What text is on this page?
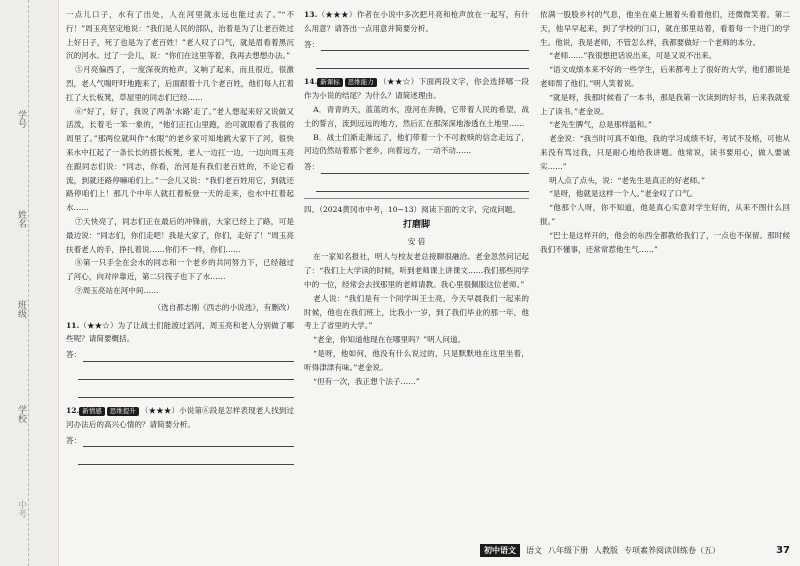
学号
姓名
班级
学校
中考

一点儿口子，水有了出处，人在河里就永远也能过去了。”“不行！”周玉亮坚定地说：“我们是人民的部队，治着是为了让老百姓过上好日子，死了也是为了老百姓！”老人叹了口气，就是眉看着黑沉沉的河水。过了一会儿，说：“你们在这里等着，我再去想想办法。”

⑤月亮偏西了，一度深夜的枪声，又响了起来，而且很近，很激烈，老人气喘吁吁地跑来了，后面跟着十几个老百姓，他们每人扛着扛了大长板凳，草屋里的同志们已经……

⑥“好了，好了，我说了两条‘水路’走了。”老人想起来好又说做又活泼，长着毛一笨一象的，“他们正扛山里跑，治可就眼看了我很的周里了。”那两位就叫作“水眼”的老乡家可知地跳大家下了河，很快来水中扛起了一条长长的搭长板凳，老人一边扛一边，一边向周玉亮在跟同志们说：“同志，你看，治河是有我们老百姓的，不论它看流，到就还路停嘛咱们上。”一会儿又说：“我们老百姓用它，到就还路停咱们上！那几个中年人就扛着板登一天的走来，也水中扛着起水……

⑦天快亮了，同志们正在最后的冲锋前，大家已经上了路，可是最边说：“同志们，你们走吧！我是大家了，你们，走好了！”周玉亮扶着老人的手，挣扎着说……你们不一样，你们……

⑧第一只手全在会水的同志和一个老乡的共同努力下，已经越过了河心，向对岸靠近，第二只筏子也下了水……

⑨周玉亮站在河中间……

（选自都志刚《西志的小说选》，有删改）

11.（★★☆）为了让战士们能渡过滔河，周玉亮和老人分别做了哪些呢？请简要概括。

答：

12. 新情感 思维提升 （★★★）小说第⑥段是怎样表现老人找到过河办法后的高兴心情的？请简要分析。

答：

13.（★★★）作者在小说中多次把月亮和枪声放在一起写，有什么用意？请答出一点用意并简要分析。

答：

14. 新课标 思维能力 （★★☆）下面两段文字，你会选择哪一段作为小说的结尾？为什么？请简述理由。

A．青青的天，蓝蓝的水，澄河在奔腾，它带着人民的希望，战士的誓言，流到远远的地方，然后汇在那深深地渗透在土地里……

B．战士们渐走渐远了，他们带着一个不可救赎的信念走远了，河边仍然站着那个老乡，向着远方，一动不动……

答：

四、（2024黄冈市中考，10~13）阅读下面的文字，完成问题。

打磨脚
安 倍

在一家知名报社，明人与校友老总接聊很融洽。老金忽然问记起了：“我们上大学读的时候，听到老师课上讲课文……我们那些同学中的一位，经常会去找那里的老师请教。我心里很佩服这位老师。”

老人说：“我们是有一个同学叫王士亮，今天早晨我们一起来的时候，他也在我们班上，比我小一岁，到了我们毕业的那一年，他考上了省里的大学。”

“老金，你知道他现在在哪里吗？”明人问道。

“是呀，他如何，他没有什么说过的，只是默默地在这里坐着，听得津津有味。”老金说。

“但有一次，我正想个法子……”

依满一股股乡村的气息，他坐在桌上翘着头看着他们，还微微笑着。第二天，他早早起来，到了学校的门口，就在那里站着，看着每一个进门的学生。他说，我是老师，不管怎么样，我都要做好一个老师的本分。

“老师……”我很想把话说出来，可是又说不出来。

“语文成绩本来不好的一些学生，后来都考上了很好的大学，他们都说是老师帮了他们。”明人笑着说。

“就是呀，我那时候看了一本书，那是我第一次读到的好书，后来我就爱上了读书。”老金说。

“老先生脾气，总是那样温和。”

老金说：“我当时可真不如他，我的学习成绩不好，考试不及格，可他从来没有骂过我，只是耐心地给我讲题。他常说，读书要用心，做人要诚实……”

明人点了点头，说：“老先生是真正的好老师。”

“是呀，他就是这样一个人。”老金叹了口气。

“他那个人呀，你不知道，他是真心实意对学生好的，从来不图什么回报。”

“巴士是这样开的，他会的东西全都教给我们了，一点也不保留。那时候我们不懂事，还常常惹他生气……”

初中语文	语文 八年级下册 人教版 专项素养阅读训练卷（五）	37
